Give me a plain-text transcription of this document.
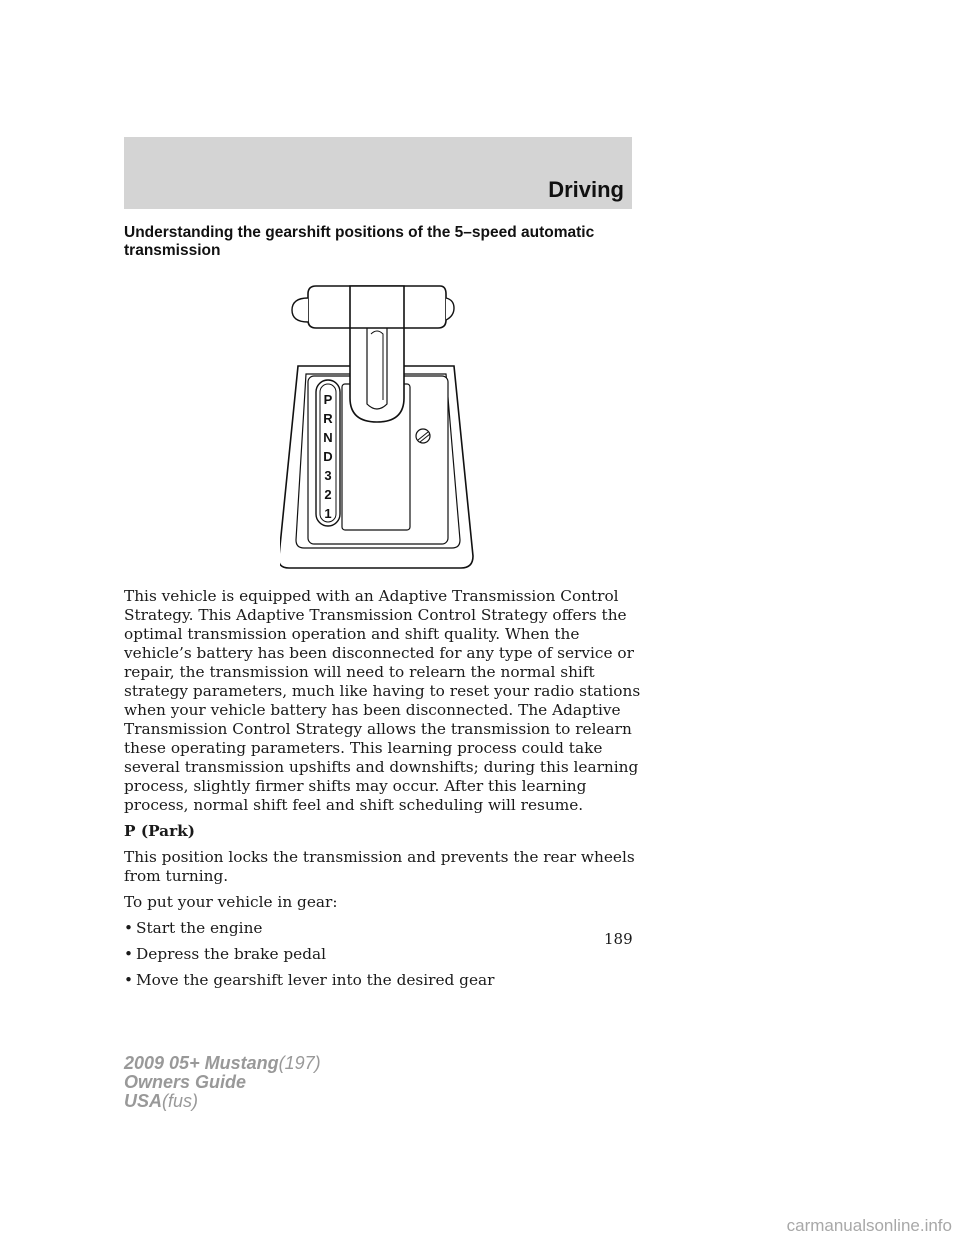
Driving
Understanding the gearshift positions of the 5–speed automatic transmission
P
R
N
D
3
2
1

This vehicle is equipped with an Adaptive Transmission Control Strategy. This Adaptive Transmission Control Strategy offers the optimal transmission operation and shift quality. When the vehicle’s battery has been disconnected for any type of service or repair, the transmission will need to relearn the normal shift strategy parameters, much like having to reset your radio stations when your vehicle battery has been disconnected. The Adaptive Transmission Control Strategy allows the transmission to relearn these operating parameters. This learning process could take several transmission upshifts and downshifts; during this learning process, slightly firmer shifts may occur. After this learning process, normal shift feel and shift scheduling will resume.

P (Park)

This position locks the transmission and prevents the rear wheels from turning.

To put your vehicle in gear:

• Start the engine
• Depress the brake pedal
• Move the gearshift lever into the desired gear

189

2009 05+ Mustang(197)
Owners Guide
USA(fus)

carmanualsonline.info
